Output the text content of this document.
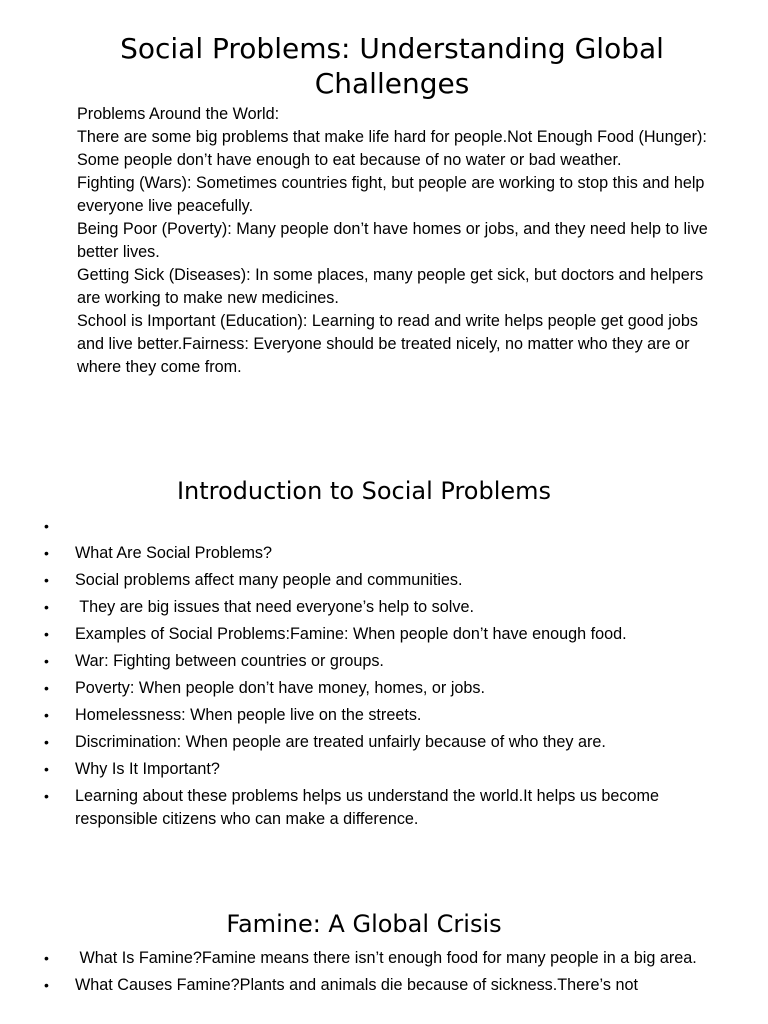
Social Problems: Understanding Global Challenges

Problems Around the World:

There are some big problems that make life hard for people.Not Enough Food (Hunger):

Some people don’t have enough to eat because of no water or bad weather.

Fighting (Wars): Sometimes countries fight, but people are working to stop this and help everyone live peacefully.

Being Poor (Poverty): Many people don’t have homes or jobs, and they need help to live better lives.

Getting Sick (Diseases): In some places, many people get sick, but doctors and helpers are working to make new medicines.

School is Important (Education): Learning to read and write helps people get good jobs and live better.Fairness: Everyone should be treated nicely, no matter who they are or where they come from.

Introduction to Social Problems
•
• What Are Social Problems?
• Social problems affect many people and communities.
• They are big issues that need everyone’s help to solve.
• Examples of Social Problems:Famine: When people don’t have enough food.
• War: Fighting between countries or groups.
• Poverty: When people don’t have money, homes, or jobs.
• Homelessness: When people live on the streets.
• Discrimination: When people are treated unfairly because of who they are.
• Why Is It Important?
• Learning about these problems helps us understand the world.It helps us become responsible citizens who can make a difference.
Famine: A Global Crisis
• What Is Famine?Famine means there isn’t enough food for many people in a big area.
• What Causes Famine?Plants and animals die because of sickness.There’s not
